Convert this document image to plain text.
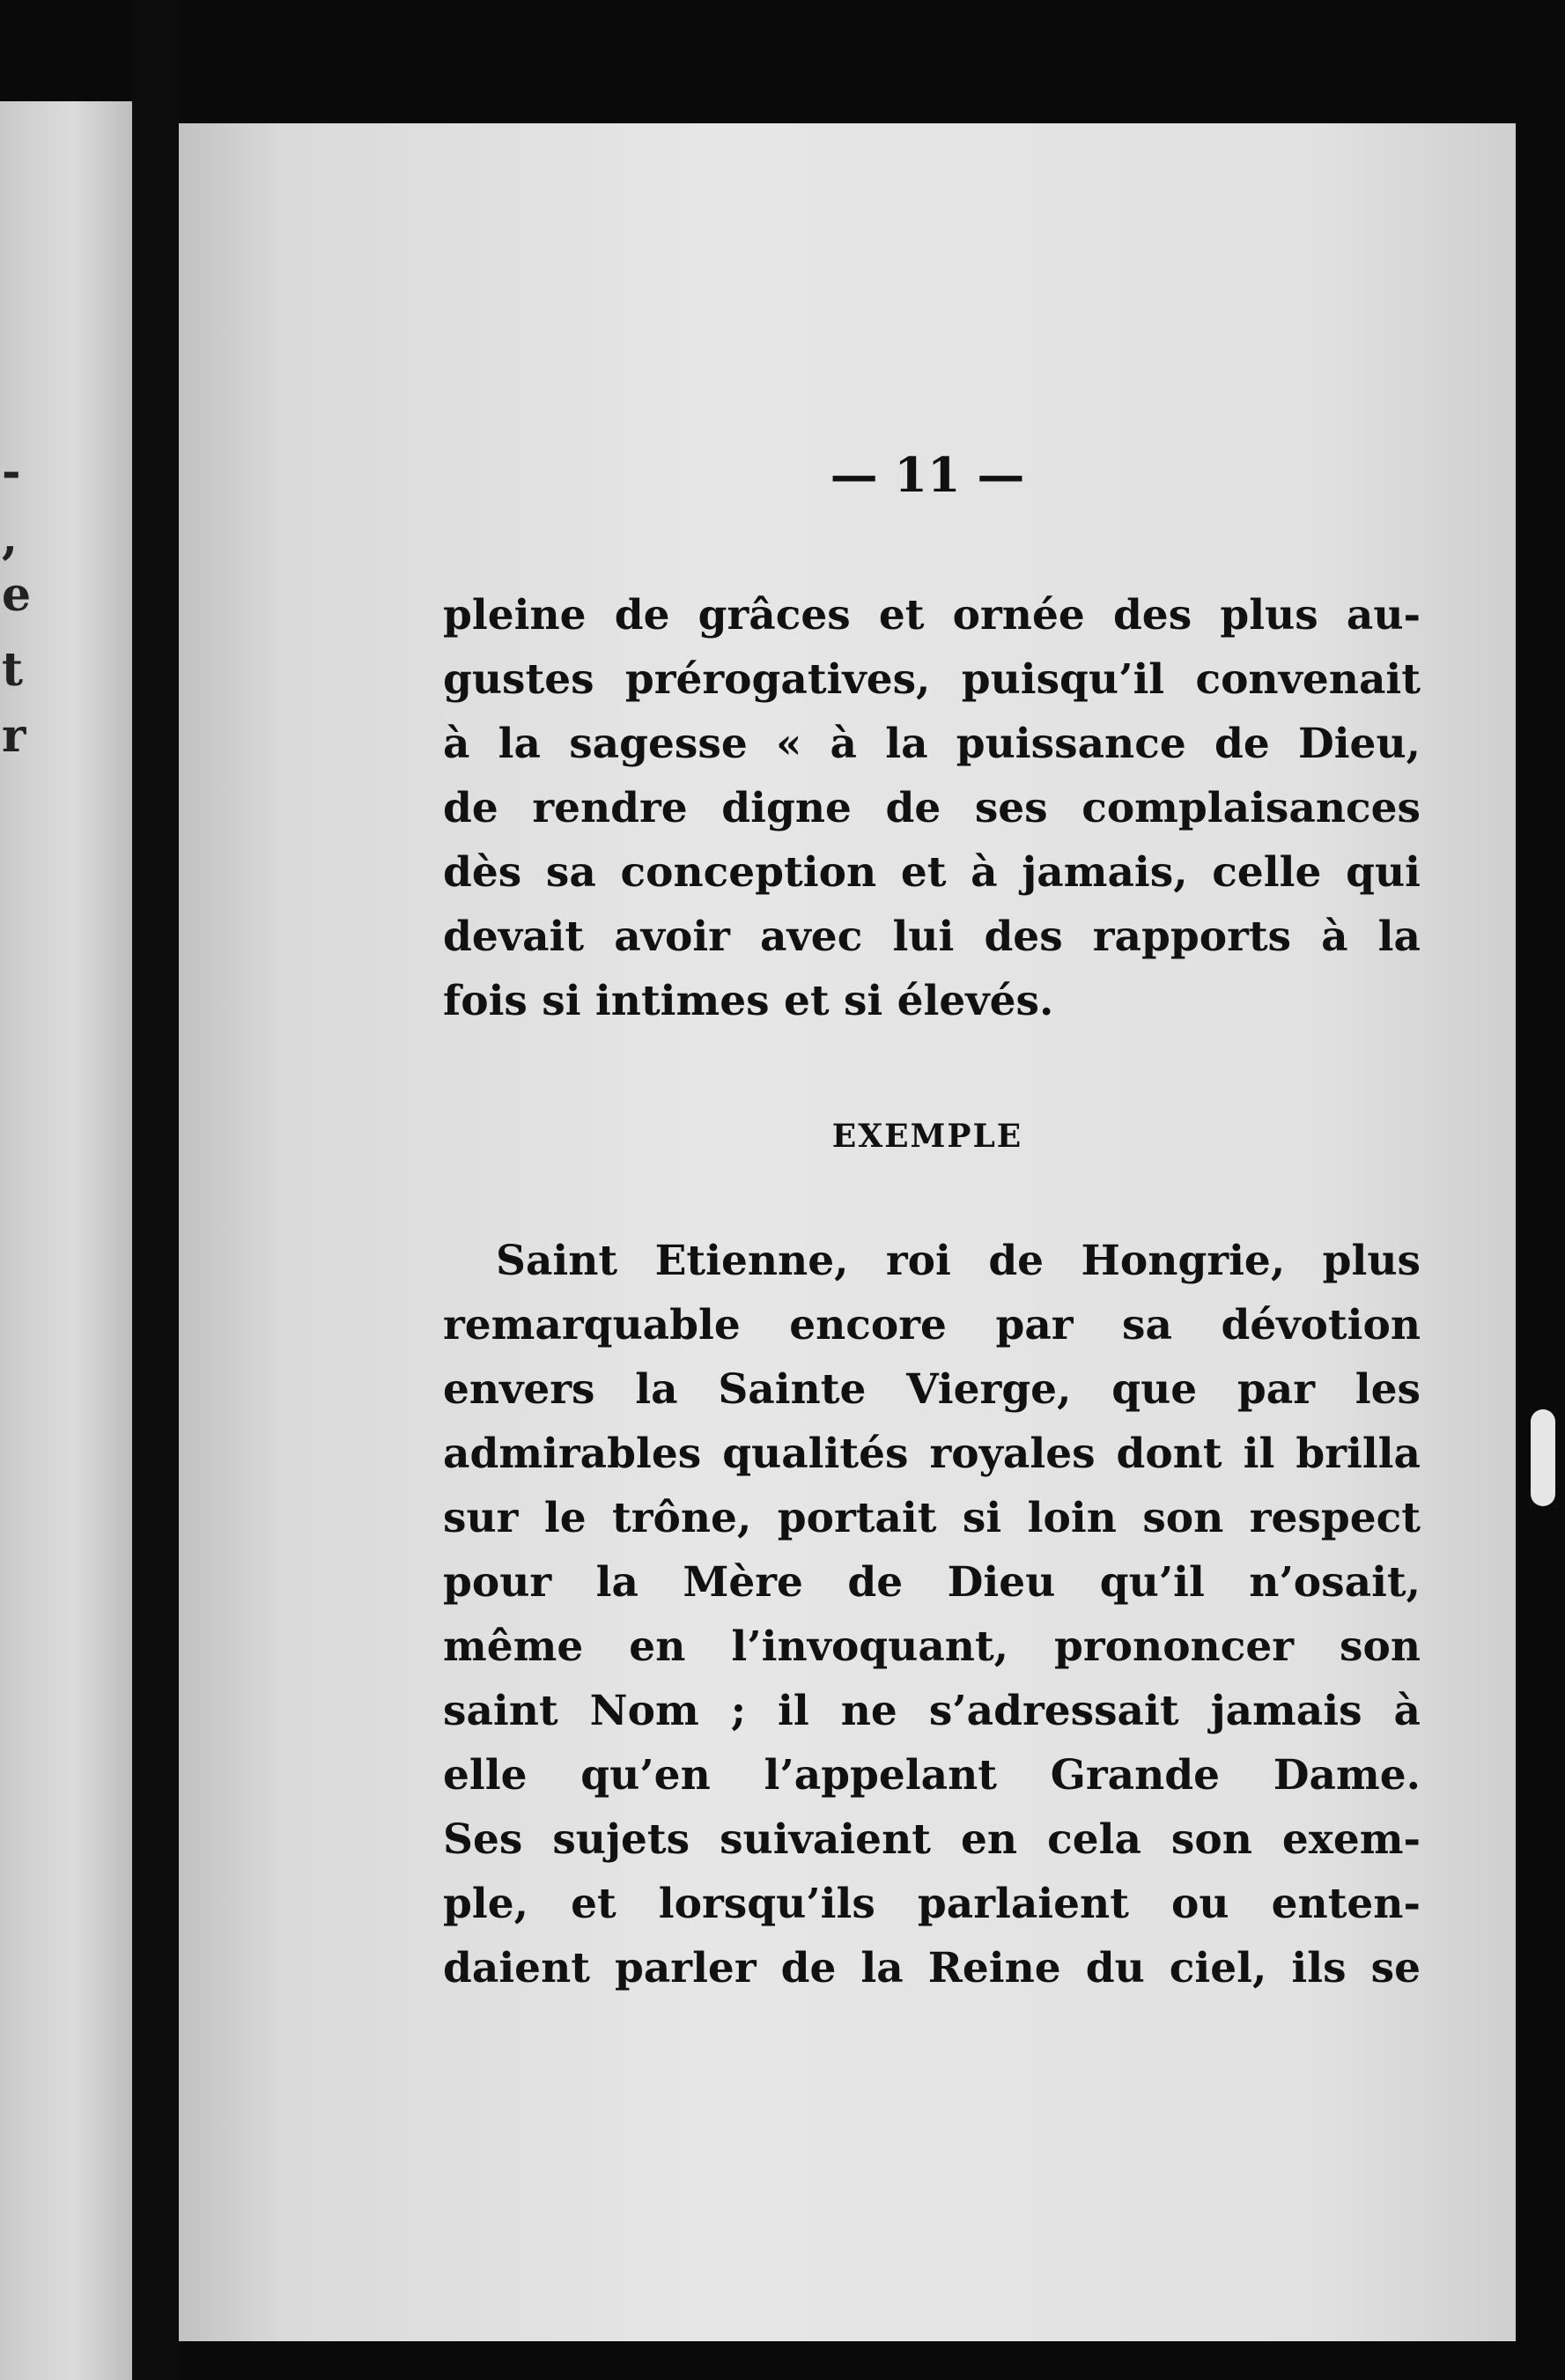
-
,
e
t
r
— 11 —
pleine de grâces et ornée des plus au-
gustes prérogatives, puisqu’il convenait
à la sagesse « à la puissance de Dieu,
de rendre digne de ses complaisances
dès sa conception et à jamais, celle qui
devait avoir avec lui des rapports à la
fois si intimes et si élevés.
EXEMPLE
Saint Etienne, roi de Hongrie, plus
remarquable encore par sa dévotion
envers la Sainte Vierge, que par les
admirables qualités royales dont il brilla
sur le trône, portait si loin son respect
pour la Mère de Dieu qu’il n’osait,
même en l’invoquant, prononcer son
saint Nom ; il ne s’adressait jamais à
elle qu’en l’appelant Grande Dame.
Ses sujets suivaient en cela son exem-
ple, et lorsqu’ils parlaient ou enten-
daient parler de la Reine du ciel, ils se
